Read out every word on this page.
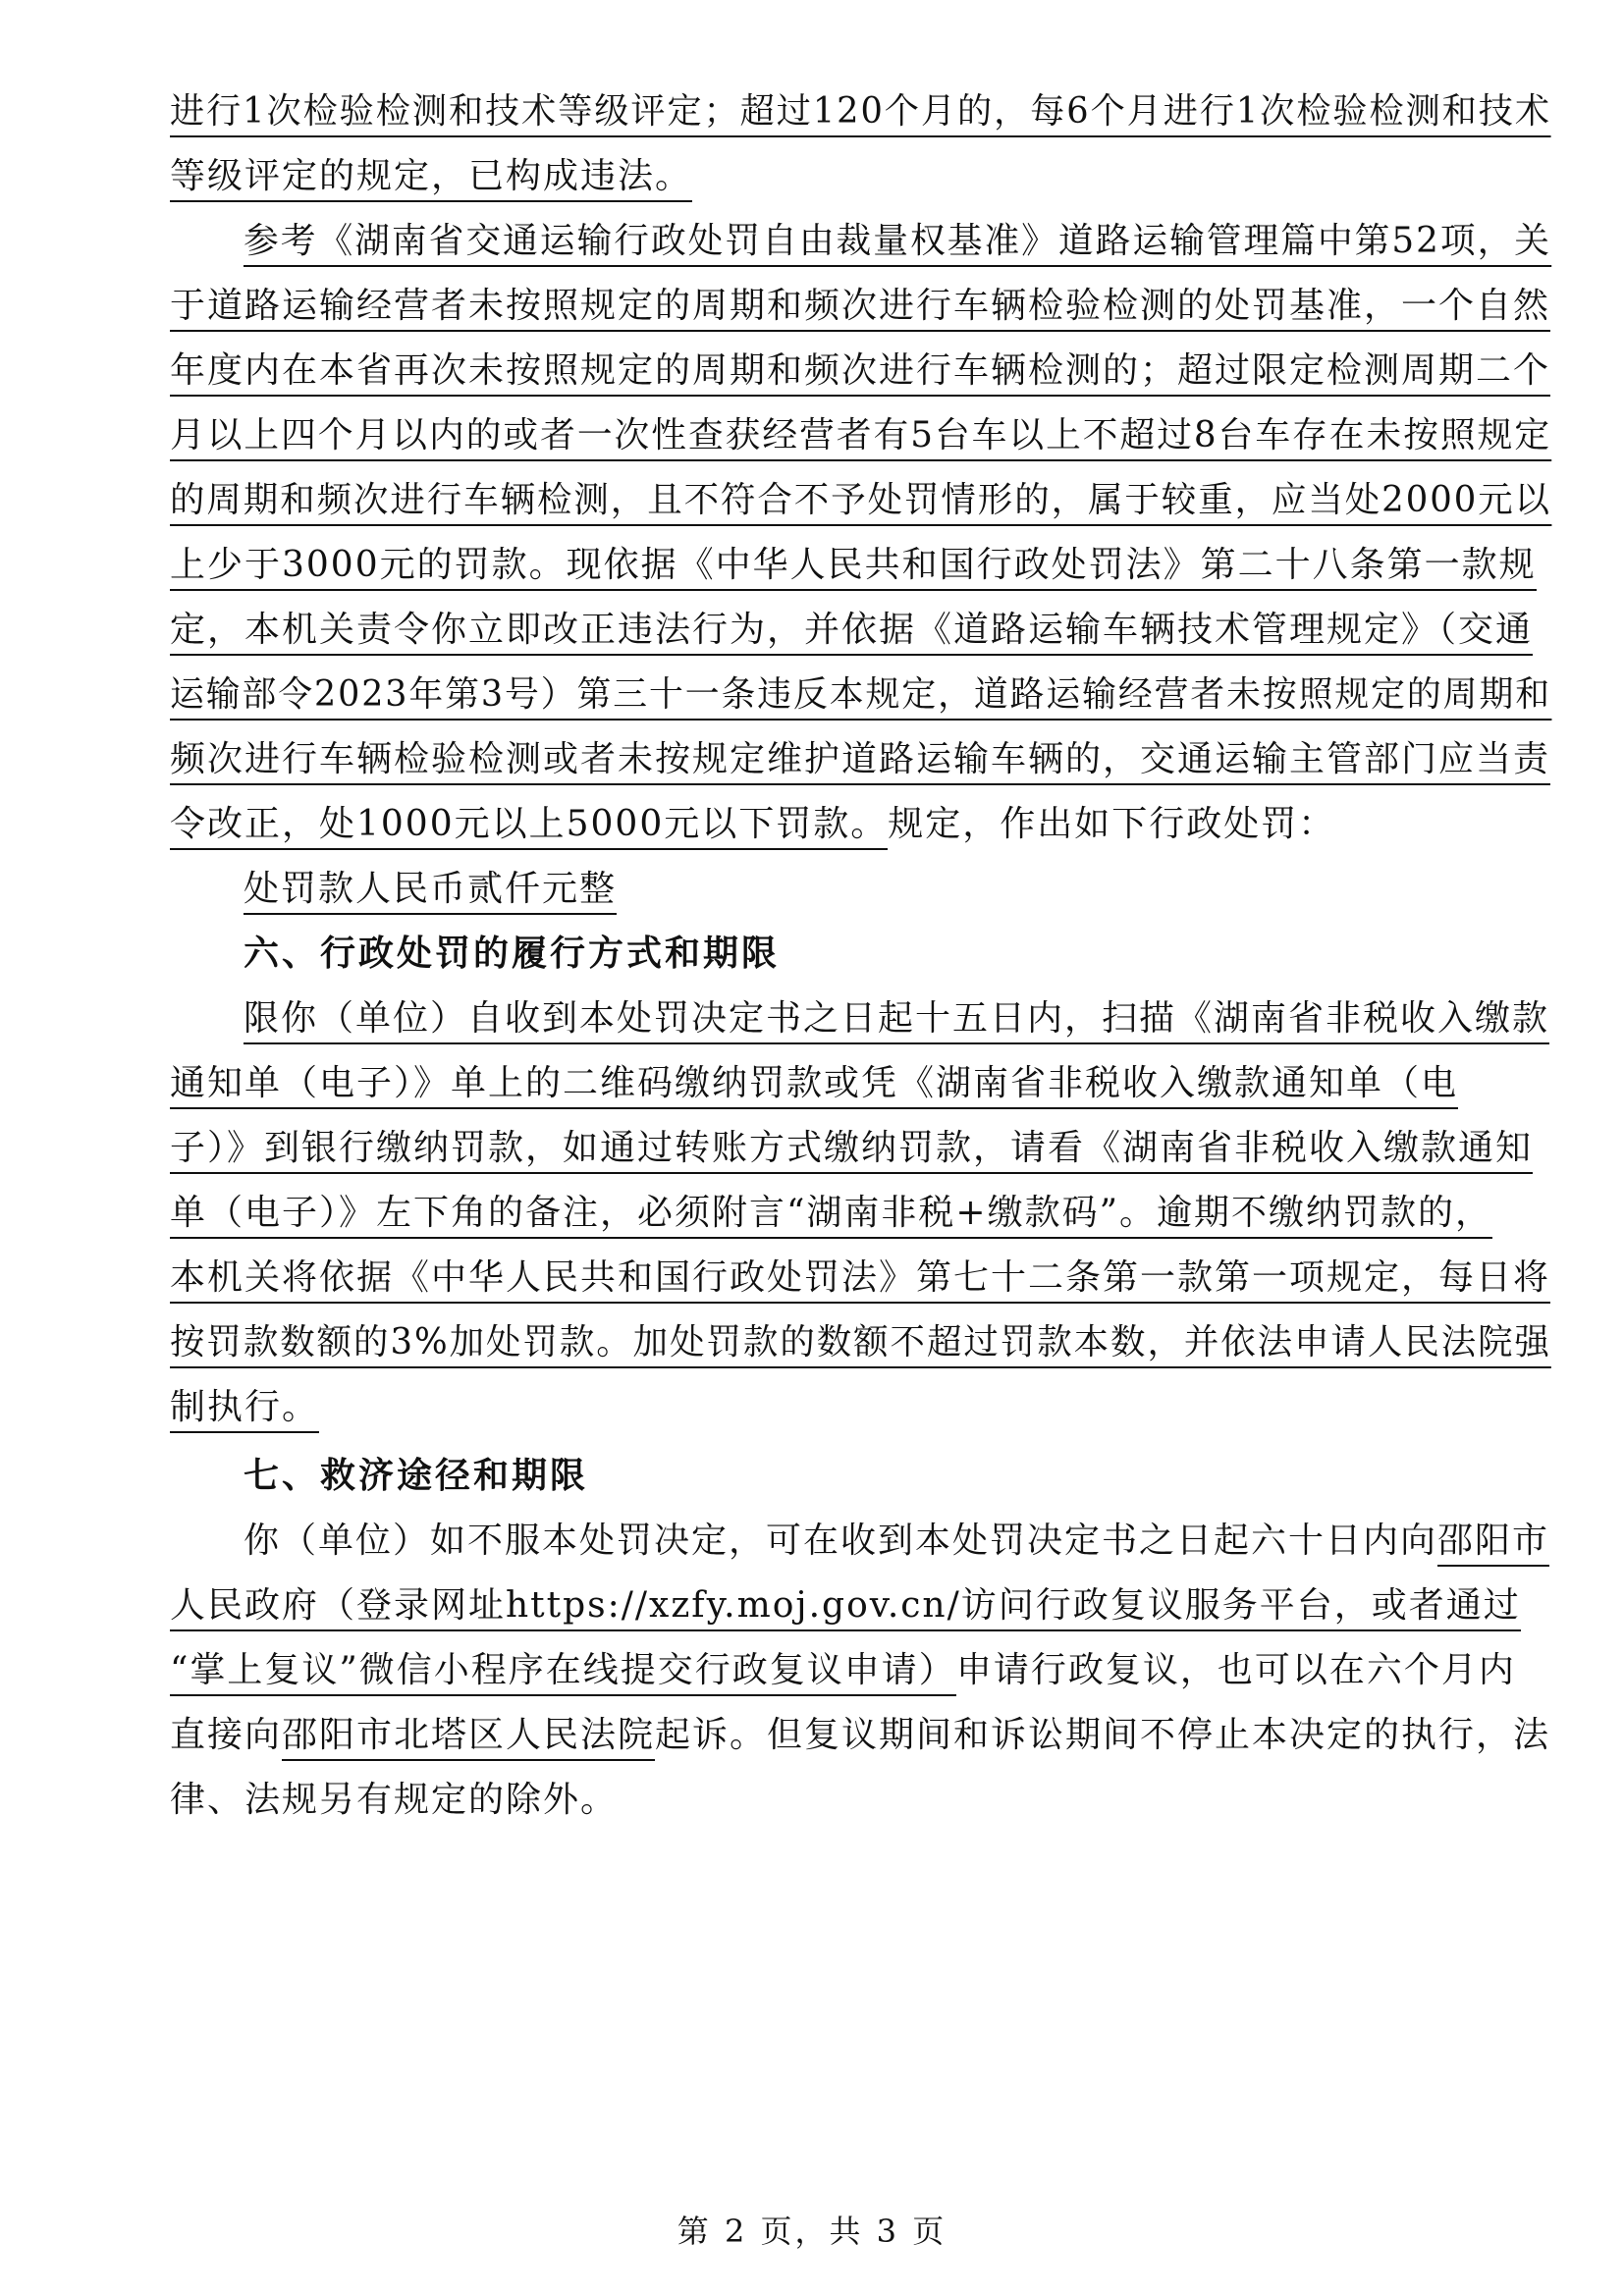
进行1次检验检测和技术等级评定；超过120个月的，每6个月进行1次检验检测和技术
等级评定的规定，已构成违法。
参考《湖南省交通运输行政处罚自由裁量权基准》道路运输管理篇中第52项，关
于道路运输经营者未按照规定的周期和频次进行车辆检验检测的处罚基准，一个自然
年度内在本省再次未按照规定的周期和频次进行车辆检测的；超过限定检测周期二个
月以上四个月以内的或者一次性查获经营者有5台车以上不超过8台车存在未按照规定
的周期和频次进行车辆检测，且不符合不予处罚情形的，属于较重，应当处2000元以
上少于3000元的罚款。现依据《中华人民共和国行政处罚法》第二十八条第一款规
定，本机关责令你立即改正违法行为，并依据《道路运输车辆技术管理规定》（交通
运输部令2023年第3号）第三十一条违反本规定，道路运输经营者未按照规定的周期和
频次进行车辆检验检测或者未按规定维护道路运输车辆的，交通运输主管部门应当责
令改正，处1000元以上5000元以下罚款。规定，作出如下行政处罚：
处罚款人民币贰仟元整
六、行政处罚的履行方式和期限
限你（单位）自收到本处罚决定书之日起十五日内，扫描《湖南省非税收入缴款
通知单（电子）》单上的二维码缴纳罚款或凭《湖南省非税收入缴款通知单（电
子）》到银行缴纳罚款，如通过转账方式缴纳罚款，请看《湖南省非税收入缴款通知
单（电子）》左下角的备注，必须附言“湖南非税+缴款码”。逾期不缴纳罚款的，
本机关将依据《中华人民共和国行政处罚法》第七十二条第一款第一项规定，每日将
按罚款数额的3%加处罚款。加处罚款的数额不超过罚款本数，并依法申请人民法院强
制执行。
七、救济途径和期限
你（单位）如不服本处罚决定，可在收到本处罚决定书之日起六十日内向邵阳市
人民政府（登录网址https://xzfy.moj.gov.cn/访问行政复议服务平台，或者通过
“掌上复议”微信小程序在线提交行政复议申请）申请行政复议，也可以在六个月内
直接向邵阳市北塔区人民法院起诉。但复议期间和诉讼期间不停止本决定的执行，法
律、法规另有规定的除外。
第 2 页，共 3 页
